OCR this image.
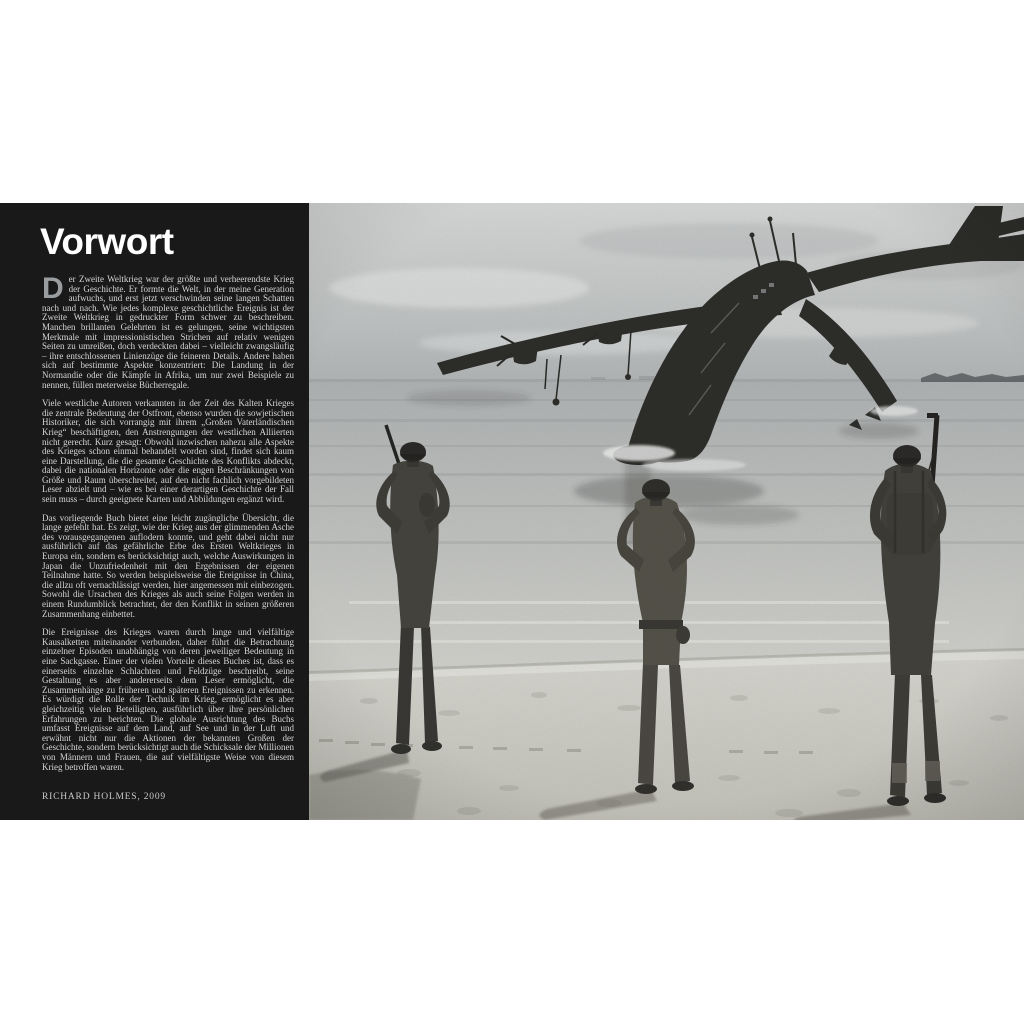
Vorwort

Der Zweite Weltkrieg war der größte und verheerendste Krieg der Geschichte. Er formte die Welt, in der meine Generation aufwuchs, und erst jetzt verschwinden seine langen Schatten nach und nach. Wie jedes komplexe geschichtliche Ereignis ist der Zweite Weltkrieg in gedruckter Form schwer zu beschreiben. Manchen brillanten Gelehrten ist es gelungen, seine wichtigsten Merkmale mit impressionistischen Strichen auf relativ wenigen Seiten zu umreißen, doch verdeckten dabei – vielleicht zwangsläufig – ihre entschlossenen Linienzüge die feineren Details. Andere haben sich auf bestimmte Aspekte konzentriert: Die Landung in der Normandie oder die Kämpfe in Afrika, um nur zwei Beispiele zu nennen, füllen meterweise Bücherregale.

Viele westliche Autoren verkannten in der Zeit des Kalten Krieges die zentrale Bedeutung der Ostfront, ebenso wurden die sowjetischen Historiker, die sich vorrangig mit ihrem „Großen Vaterländischen Krieg“ beschäftigten, den Anstrengungen der westlichen Alliierten nicht gerecht. Kurz gesagt: Obwohl inzwischen nahezu alle Aspekte des Krieges schon einmal behandelt worden sind, findet sich kaum eine Darstellung, die die gesamte Geschichte des Konflikts abdeckt, dabei die nationalen Horizonte oder die engen Beschränkungen von Größe und Raum überschreitet, auf den nicht fachlich vorgebildeten Leser abzielt und – wie es bei einer derartigen Geschichte der Fall sein muss – durch geeignete Karten und Abbildungen ergänzt wird.

Das vorliegende Buch bietet eine leicht zugängliche Übersicht, die lange gefehlt hat. Es zeigt, wie der Krieg aus der glimmenden Asche des vorausgegangenen auflodern konnte, und geht dabei nicht nur ausführlich auf das gefährliche Erbe des Ersten Weltkrieges in Europa ein, sondern es berücksichtigt auch, welche Auswirkungen in Japan die Unzufriedenheit mit den Ergebnissen der eigenen Teilnahme hatte. So werden beispielsweise die Ereignisse in China, die allzu oft vernachlässigt werden, hier angemessen mit einbezogen. Sowohl die Ursachen des Krieges als auch seine Folgen werden in einem Rundumblick betrachtet, der den Konflikt in seinen größeren Zusammenhang einbettet.

Die Ereignisse des Krieges waren durch lange und vielfältige Kausalketten miteinander verbunden, daher führt die Betrachtung einzelner Episoden unabhängig von deren jeweiliger Bedeutung in eine Sackgasse. Einer der vielen Vorteile dieses Buches ist, dass es einerseits einzelne Schlachten und Feldzüge beschreibt, seine Gestaltung es aber andererseits dem Leser ermöglicht, die Zusammenhänge zu früheren und späteren Ereignissen zu erkennen. Es würdigt die Rolle der Technik im Krieg, ermöglicht es aber gleichzeitig vielen Beteiligten, ausführlich über ihre persönlichen Erfahrungen zu berichten. Die globale Ausrichtung des Buchs umfasst Ereignisse auf dem Land, auf See und in der Luft und erwähnt nicht nur die Aktionen der bekannten Großen der Geschichte, sondern berücksichtigt auch die Schicksale der Millionen von Männern und Frauen, die auf vielfältigste Weise von diesem Krieg betroffen waren.

RICHARD HOLMES, 2009
